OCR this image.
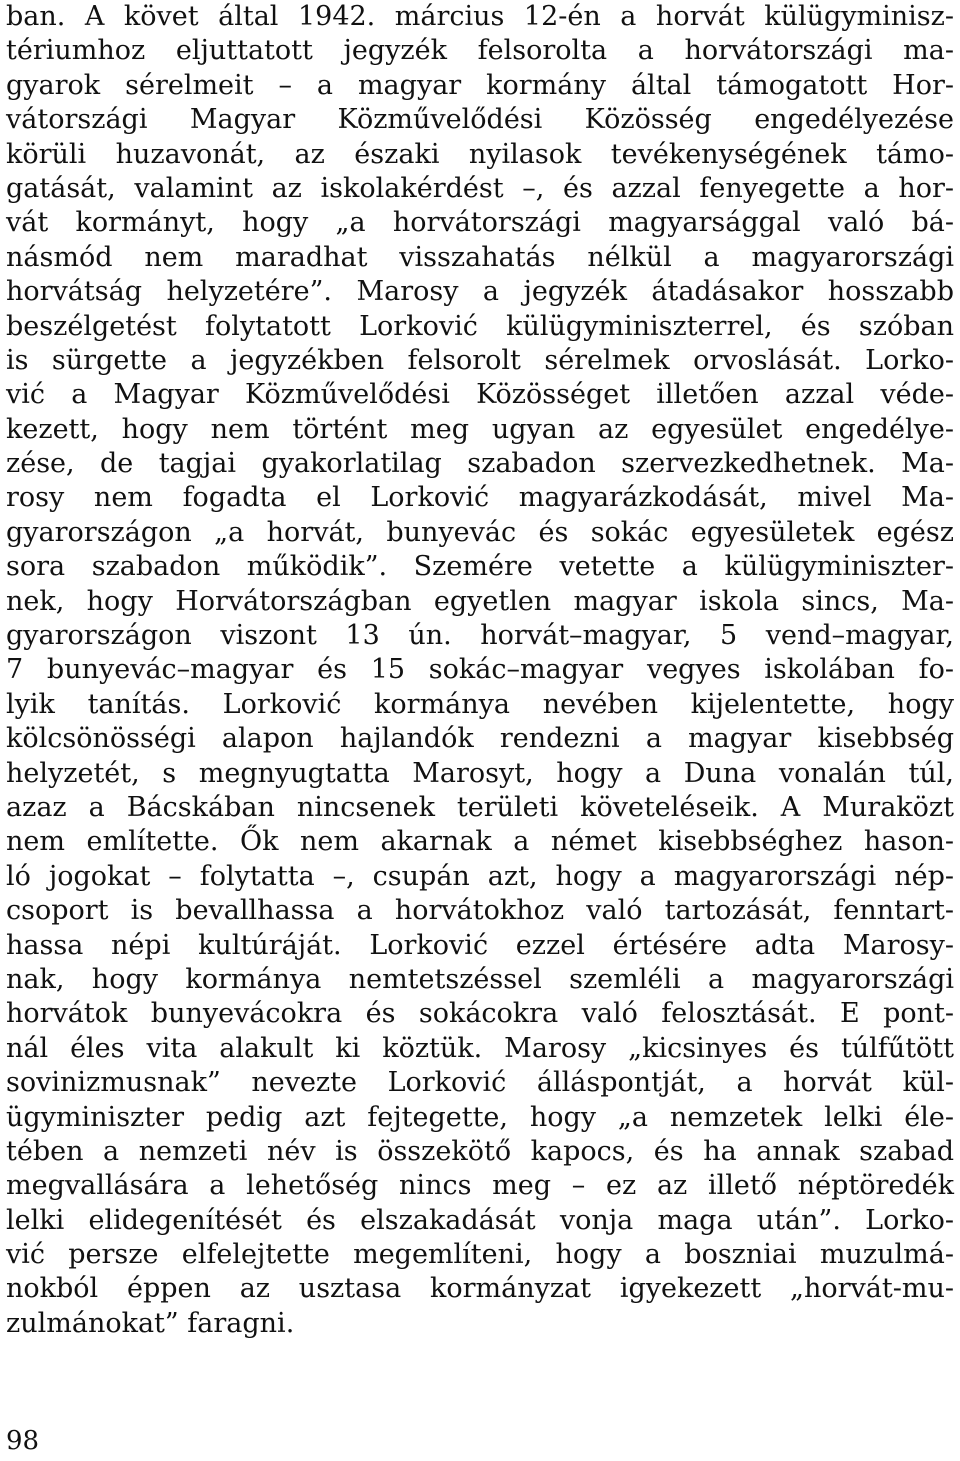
ban. A követ által 1942. március 12-én a horvát külügyminisz-
tériumhoz eljuttatott jegyzék felsorolta a horvátországi ma-
gyarok sérelmeit – a magyar kormány által támogatott Hor-
vátországi Magyar Közművelődési Közösség engedélyezése
körüli huzavonát, az északi nyilasok tevékenységének támo-
gatását, valamint az iskolakérdést –, és azzal fenyegette a hor-
vát kormányt, hogy „a horvátországi magyarsággal való bá-
násmód nem maradhat visszahatás nélkül a magyarországi
horvátság helyzetére”. Marosy a jegyzék átadásakor hosszabb
beszélgetést folytatott Lorković külügyminiszterrel, és szóban
is sürgette a jegyzékben felsorolt sérelmek orvoslását. Lorko-
vić a Magyar Közművelődési Közösséget illetően azzal véde-
kezett, hogy nem történt meg ugyan az egyesület engedélye-
zése, de tagjai gyakorlatilag szabadon szervezkedhetnek. Ma-
rosy nem fogadta el Lorković magyarázkodását, mivel Ma-
gyarországon „a horvát, bunyevác és sokác egyesületek egész
sora szabadon működik”. Szemére vetette a külügyminiszter-
nek, hogy Horvátországban egyetlen magyar iskola sincs, Ma-
gyarországon viszont 13 ún. horvát–magyar, 5 vend–magyar,
7 bunyevác–magyar és 15 sokác–magyar vegyes iskolában fo-
lyik tanítás. Lorković kormánya nevében kijelentette, hogy
kölcsönösségi alapon hajlandók rendezni a magyar kisebbség
helyzetét, s megnyugtatta Marosyt, hogy a Duna vonalán túl,
azaz a Bácskában nincsenek területi követeléseik. A Muraközt
nem említette. Ők nem akarnak a német kisebbséghez hason-
ló jogokat – folytatta –, csupán azt, hogy a magyarországi nép-
csoport is bevallhassa a horvátokhoz való tartozását, fenntart-
hassa népi kultúráját. Lorković ezzel értésére adta Marosy-
nak, hogy kormánya nemtetszéssel szemléli a magyarországi
horvátok bunyevácokra és sokácokra való felosztását. E pont-
nál éles vita alakult ki köztük. Marosy „kicsinyes és túlfűtött
sovinizmusnak” nevezte Lorković álláspontját, a horvát kül-
ügyminiszter pedig azt fejtegette, hogy „a nemzetek lelki éle-
tében a nemzeti név is összekötő kapocs, és ha annak szabad
megvallására a lehetőség nincs meg – ez az illető néptöredék
lelki elidegenítését és elszakadását vonja maga után”. Lorko-
vić persze elfelejtette megemlíteni, hogy a bosznia​i muzulmá-
nokból éppen az usztasa kormányzat igyekezett „horvát-mu-
zulmánokat” faragni.
98
